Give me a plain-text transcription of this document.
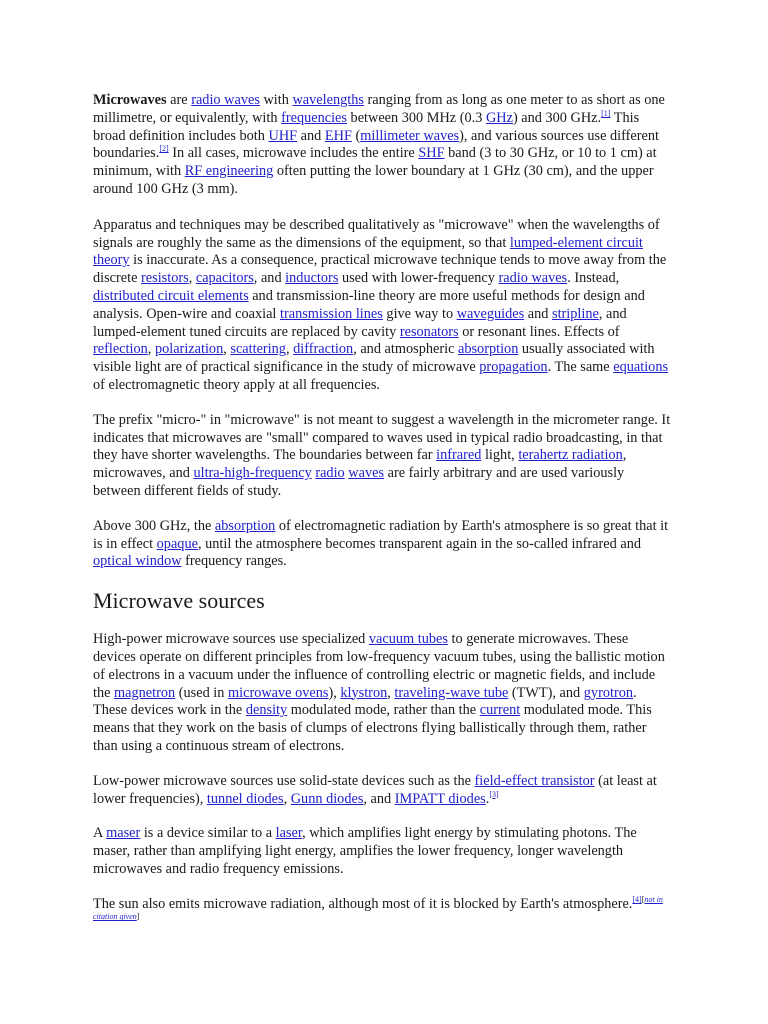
Microwaves are radio waves with wavelengths ranging from as long as one meter to as short as one millimetre, or equivalently, with frequencies between 300 MHz (0.3 GHz) and 300 GHz.[1] This broad definition includes both UHF and EHF (millimeter waves), and various sources use different boundaries.[2] In all cases, microwave includes the entire SHF band (3 to 30 GHz, or 10 to 1 cm) at minimum, with RF engineering often putting the lower boundary at 1 GHz (30 cm), and the upper around 100 GHz (3 mm).

Apparatus and techniques may be described qualitatively as "microwave" when the wavelengths of signals are roughly the same as the dimensions of the equipment, so that lumped-element circuit theory is inaccurate. As a consequence, practical microwave technique tends to move away from the discrete resistors, capacitors, and inductors used with lower-frequency radio waves. Instead, distributed circuit elements and transmission-line theory are more useful methods for design and analysis. Open-wire and coaxial transmission lines give way to waveguides and stripline, and lumped-element tuned circuits are replaced by cavity resonators or resonant lines. Effects of reflection, polarization, scattering, diffraction, and atmospheric absorption usually associated with visible light are of practical significance in the study of microwave propagation. The same equations of electromagnetic theory apply at all frequencies.

The prefix "micro-" in "microwave" is not meant to suggest a wavelength in the micrometer range. It indicates that microwaves are "small" compared to waves used in typical radio broadcasting, in that they have shorter wavelengths. The boundaries between far infrared light, terahertz radiation, microwaves, and ultra-high-frequency radio waves are fairly arbitrary and are used variously between different fields of study.

Above 300 GHz, the absorption of electromagnetic radiation by Earth's atmosphere is so great that it is in effect opaque, until the atmosphere becomes transparent again in the so-called infrared and optical window frequency ranges.

Microwave sources

High-power microwave sources use specialized vacuum tubes to generate microwaves. These devices operate on different principles from low-frequency vacuum tubes, using the ballistic motion of electrons in a vacuum under the influence of controlling electric or magnetic fields, and include the magnetron (used in microwave ovens), klystron, traveling-wave tube (TWT), and gyrotron. These devices work in the density modulated mode, rather than the current modulated mode. This means that they work on the basis of clumps of electrons flying ballistically through them, rather than using a continuous stream of electrons.

Low-power microwave sources use solid-state devices such as the field-effect transistor (at least at lower frequencies), tunnel diodes, Gunn diodes, and IMPATT diodes.[3]

A maser is a device similar to a laser, which amplifies light energy by stimulating photons. The maser, rather than amplifying light energy, amplifies the lower frequency, longer wavelength microwaves and radio frequency emissions.

The sun also emits microwave radiation, although most of it is blocked by Earth's atmosphere.[4][not in citation given]
